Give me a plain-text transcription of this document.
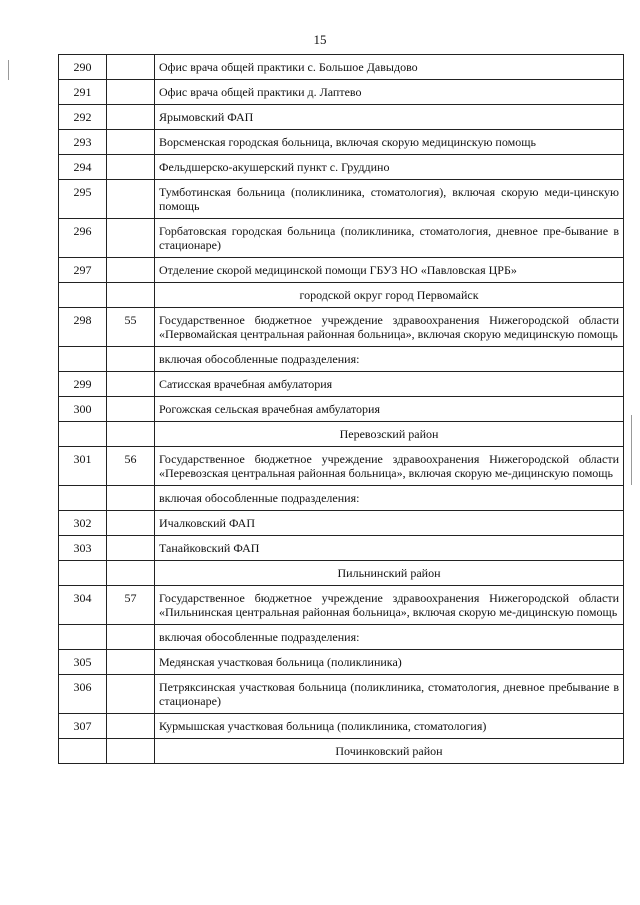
15
290		Офис врача общей практики с. Большое Давыдово
291		Офис врача общей практики д. Лаптево
292		Ярымовский ФАП
293		Ворсменская городская больница, включая скорую медицинскую помощь
294		Фельдшерско-акушерский пункт с. Груддино
295		Тумботинская больница (поликлиника, стоматология), включая скорую меди-цинскую помощь
296		Горбатовская городская больница (поликлиника, стоматология, дневное пре-бывание в стационаре)
297		Отделение скорой медицинской помощи ГБУЗ НО «Павловская ЦРБ»
		городской округ город Первомайск
298	55	Государственное бюджетное учреждение здравоохранения Нижегородской области «Первомайская центральная районная больница», включая скорую медицинскую помощь
		включая обособленные подразделения:
299		Сатисская врачебная амбулатория
300		Рогожская сельская врачебная амбулатория
		Перевозский район
301	56	Государственное бюджетное учреждение здравоохранения Нижегородской области «Перевозская центральная районная больница», включая скорую ме-дицинскую помощь
		включая обособленные подразделения:
302		Ичалковский ФАП
303		Танайковский ФАП
		Пильнинский район
304	57	Государственное бюджетное учреждение здравоохранения Нижегородской области «Пильнинская центральная районная больница», включая скорую ме-дицинскую помощь
		включая обособленные подразделения:
305		Медянская участковая больница (поликлиника)
306		Петряксинская участковая больница (поликлиника, стоматология, дневное пребывание в стационаре)
307		Курмышская участковая больница (поликлиника, стоматология)
		Починковский район
